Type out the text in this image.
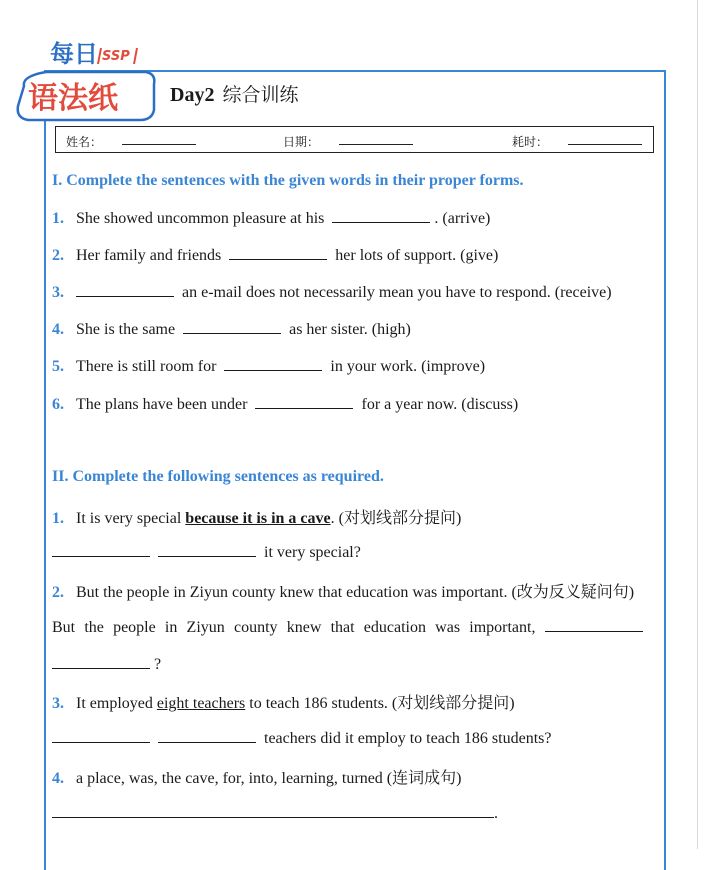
每日 SSP
语法纸	Day2 综合训练
姓名：	日期：	耗时：
I. Complete the sentences with the given words in their proper forms.
1. She showed uncommon pleasure at his	. (arrive)
2. Her family and friends	her lots of support. (give)
3.	an e-mail does not necessarily mean you have to respond. (receive)
4. She is the same	as her sister. (high)
5. There is still room for	in your work. (improve)
6. The plans have been under	for a year now. (discuss)
II. Complete the following sentences as required.
1. It is very special because it is in a cave. (对划线部分提问)
it very special?
2. But the people in Ziyun county knew that education was important. (改为反义疑问句)
But the people in Ziyun county knew that education was important,
?
3. It employed eight teachers to teach 186 students. (对划线部分提问)
teachers did it employ to teach 186 students?
4. a place, was, the cave, for, into, learning, turned (连词成句)
.
